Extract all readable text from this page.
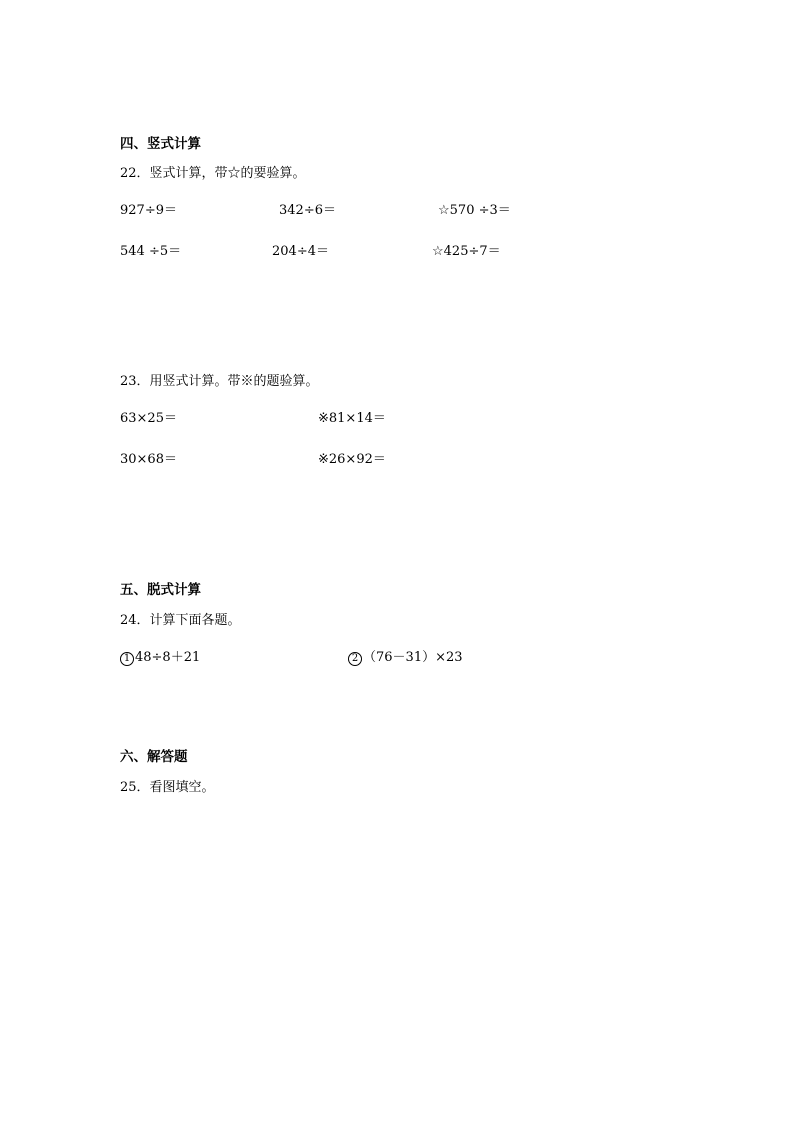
四、竖式计算
22．竖式计算，带☆的要验算。
927÷9＝	342÷6＝	☆570 ÷3＝
544 ÷5＝	204÷4＝	☆425÷7＝
23．用竖式计算。带※的题验算。
63×25＝	※81×14＝
30×68＝	※26×92＝
五、脱式计算
24．计算下面各题。
1 48÷8＋21	2 （76－31）×23
六、解答题
25．看图填空。
